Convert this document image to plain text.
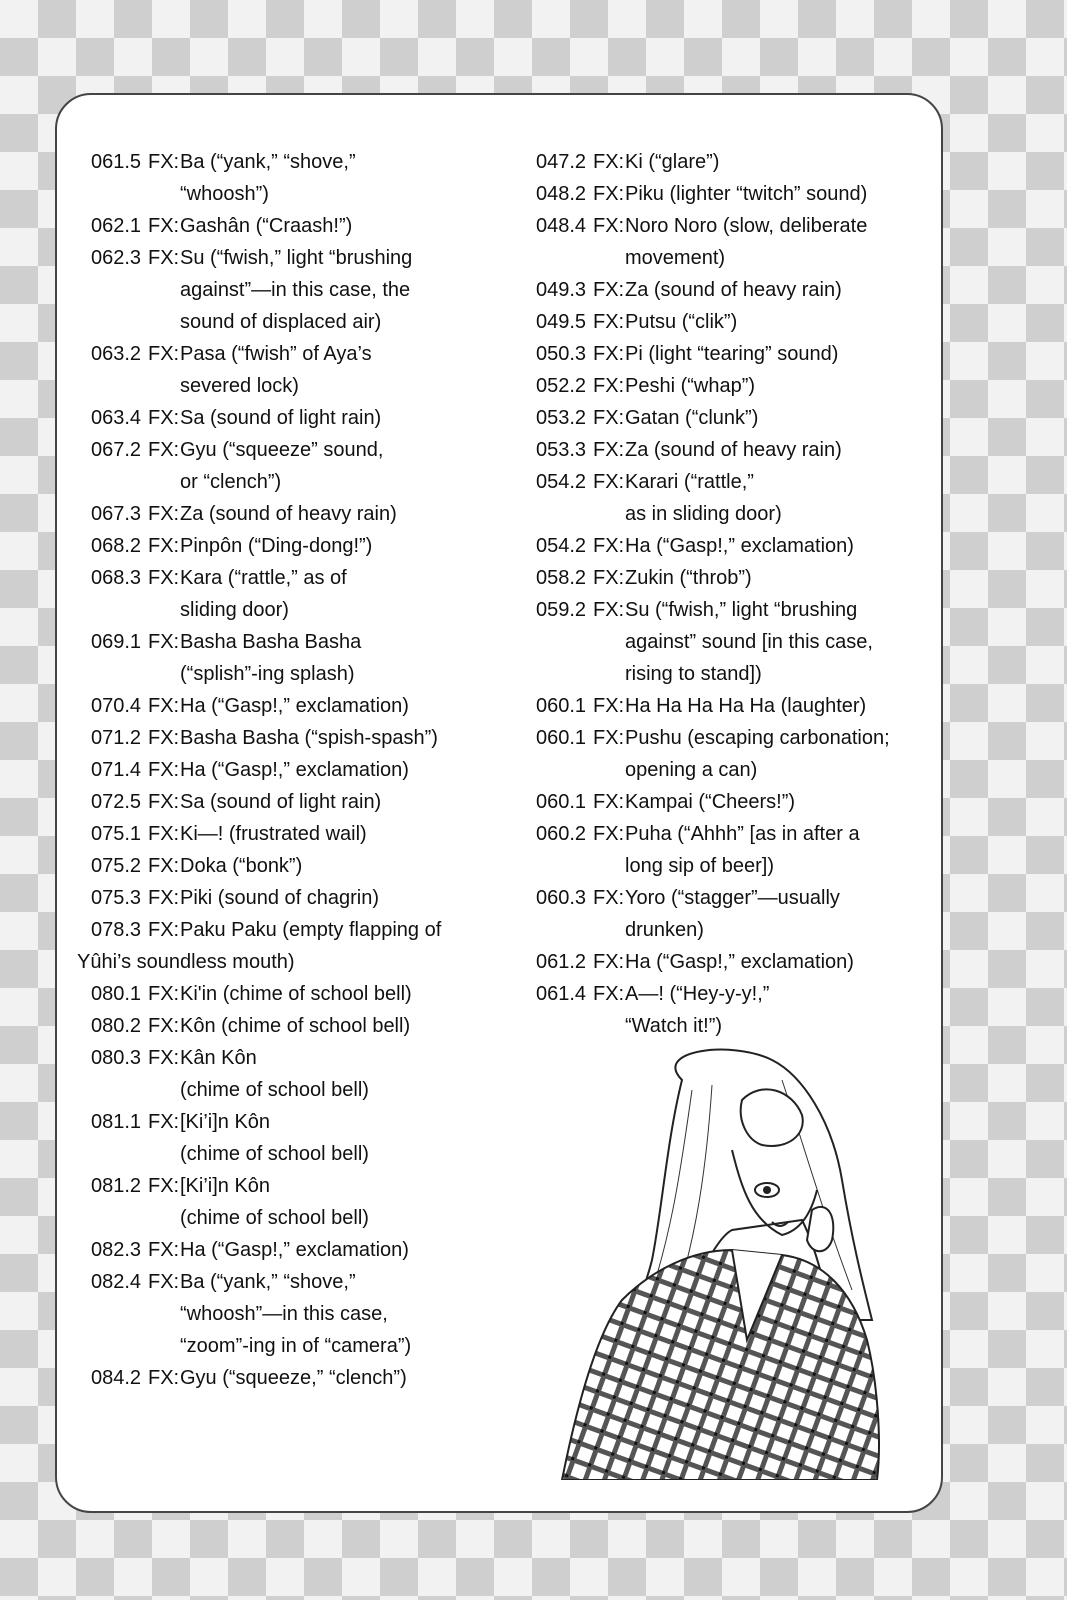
061.5 FX: Ba (“yank,” “shove,”
“whoosh”)
062.1 FX: Gashân (“Craash!”)
062.3 FX: Su (“fwish,” light “brushing
against”—in this case, the
sound of displaced air)
063.2 FX: Pasa (“fwish” of Aya’s
severed lock)
063.4 FX: Sa (sound of light rain)
067.2 FX: Gyu (“squeeze” sound,
or “clench”)
067.3 FX: Za (sound of heavy rain)
068.2 FX: Pinpôn (“Ding-dong!”)
068.3 FX: Kara (“rattle,” as of
sliding door)
069.1 FX: Basha Basha Basha
(“splish”-ing splash)
070.4 FX: Ha (“Gasp!,” exclamation)
071.2 FX: Basha Basha (“spish-spash”)
071.4 FX: Ha (“Gasp!,” exclamation)
072.5 FX: Sa (sound of light rain)
075.1 FX: Ki—! (frustrated wail)
075.2 FX: Doka (“bonk”)
075.3 FX: Piki (sound of chagrin)
078.3 FX: Paku Paku (empty flapping of
Yûhi’s soundless mouth)
080.1 FX: Ki'in (chime of school bell)
080.2 FX: Kôn (chime of school bell)
080.3 FX: Kân Kôn
(chime of school bell)
081.1 FX: [Ki’i]n Kôn
(chime of school bell)
081.2 FX: [Ki’i]n Kôn
(chime of school bell)
082.3 FX: Ha (“Gasp!,” exclamation)
082.4 FX: Ba (“yank,” “shove,”
“whoosh”—in this case,
“zoom”-ing in of “camera”)
084.2 FX: Gyu (“squeeze,” “clench”)
047.2 FX: Ki (“glare”)
048.2 FX: Piku (lighter “twitch” sound)
048.4 FX: Noro Noro (slow, deliberate
movement)
049.3 FX: Za (sound of heavy rain)
049.5 FX: Putsu (“clik”)
050.3 FX: Pi (light “tearing” sound)
052.2 FX: Peshi (“whap”)
053.2 FX: Gatan (“clunk”)
053.3 FX: Za (sound of heavy rain)
054.2 FX: Karari (“rattle,”
as in sliding door)
054.2 FX: Ha (“Gasp!,” exclamation)
058.2 FX: Zukin (“throb”)
059.2 FX: Su (“fwish,” light “brushing
against” sound [in this case,
rising to stand])
060.1 FX: Ha Ha Ha Ha Ha (laughter)
060.1 FX: Pushu (escaping carbonation;
opening a can)
060.1 FX: Kampai (“Cheers!”)
060.2 FX: Puha (“Ahhh” [as in after a
long sip of beer])
060.3 FX: Yoro (“stagger”—usually
drunken)
061.2 FX: Ha (“Gasp!,” exclamation)
061.4 FX: A—! (“Hey-y-y!,”
“Watch it!”)
